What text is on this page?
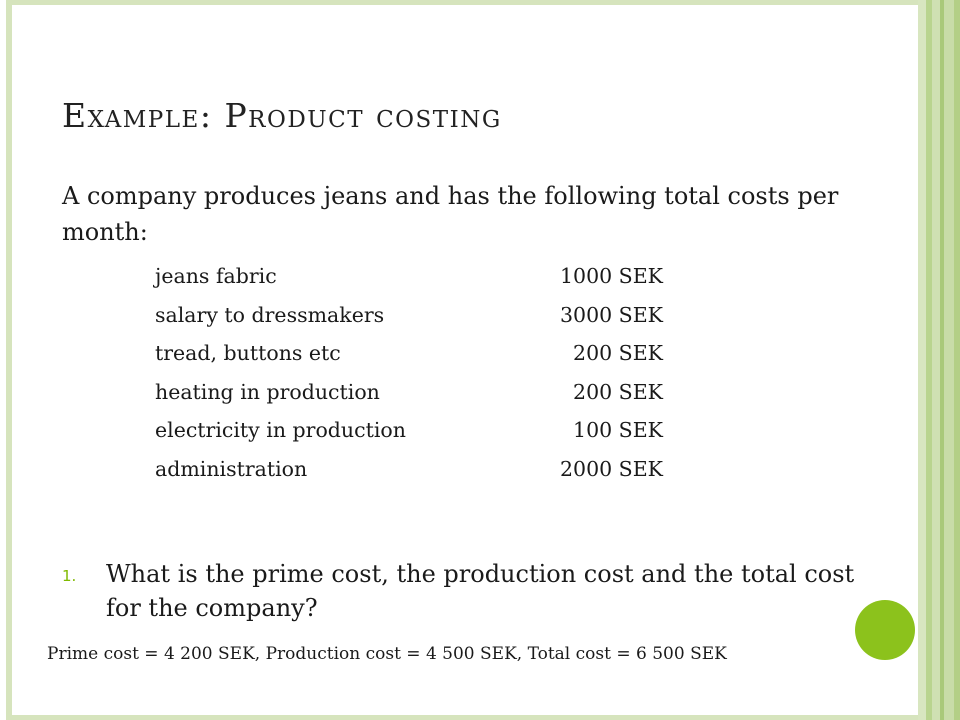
Example: Product costing
A company produces jeans and has the following total costs per month:
jeans fabric	1000 SEK
salary to dressmakers	3000 SEK
tread, buttons etc	200 SEK
heating in production	200 SEK
electricity in production	100 SEK
administration	2000 SEK
1. What is the prime cost, the production cost and the total cost for the company?
Prime cost = 4 200 SEK, Production cost = 4 500 SEK, Total cost = 6 500 SEK
